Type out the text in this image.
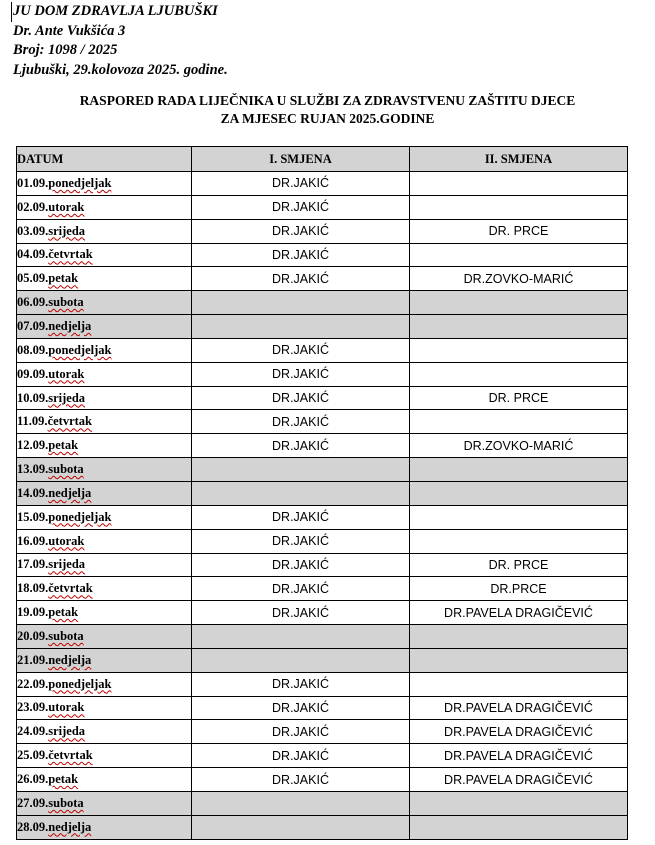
JU DOM ZDRAVLJA LJUBUŠKI
Dr. Ante Vukšića 3
Broj: 1098 / 2025
Ljubuški, 29.kolovoza 2025. godine.
RASPORED RADA LIJEČNIKA U SLUŽBI ZA ZDRAVSTVENU ZAŠTITU DJECE
ZA MJESEC RUJAN 2025.GODINE
DATUM	I. SMJENA	II. SMJENA
01.09.ponedjeljak	DR.JAKIĆ	
02.09.utorak	DR.JAKIĆ	
03.09.srijeda	DR.JAKIĆ	DR. PRCE
04.09.četvrtak	DR.JAKIĆ	
05.09.petak	DR.JAKIĆ	DR.ZOVKO-MARIĆ
06.09.subota		
07.09.nedjelja		
08.09.ponedjeljak	DR.JAKIĆ	
09.09.utorak	DR.JAKIĆ	
10.09.srijeda	DR.JAKIĆ	DR. PRCE
11.09.četvrtak	DR.JAKIĆ	
12.09.petak	DR.JAKIĆ	DR.ZOVKO-MARIĆ
13.09.subota		
14.09.nedjelja		
15.09.ponedjeljak	DR.JAKIĆ	
16.09.utorak	DR.JAKIĆ	
17.09.srijeda	DR.JAKIĆ	DR. PRCE
18.09.četvrtak	DR.JAKIĆ	DR.PRCE
19.09.petak	DR.JAKIĆ	DR.PAVELA DRAGIČEVIĆ
20.09.subota		
21.09.nedjelja		
22.09.ponedjeljak	DR.JAKIĆ	
23.09.utorak	DR.JAKIĆ	DR.PAVELA DRAGIČEVIĆ
24.09.srijeda	DR.JAKIĆ	DR.PAVELA DRAGIČEVIĆ
25.09.četvrtak	DR.JAKIĆ	DR.PAVELA DRAGIČEVIĆ
26.09.petak	DR.JAKIĆ	DR.PAVELA DRAGIČEVIĆ
27.09.subota		
28.09.nedjelja		
